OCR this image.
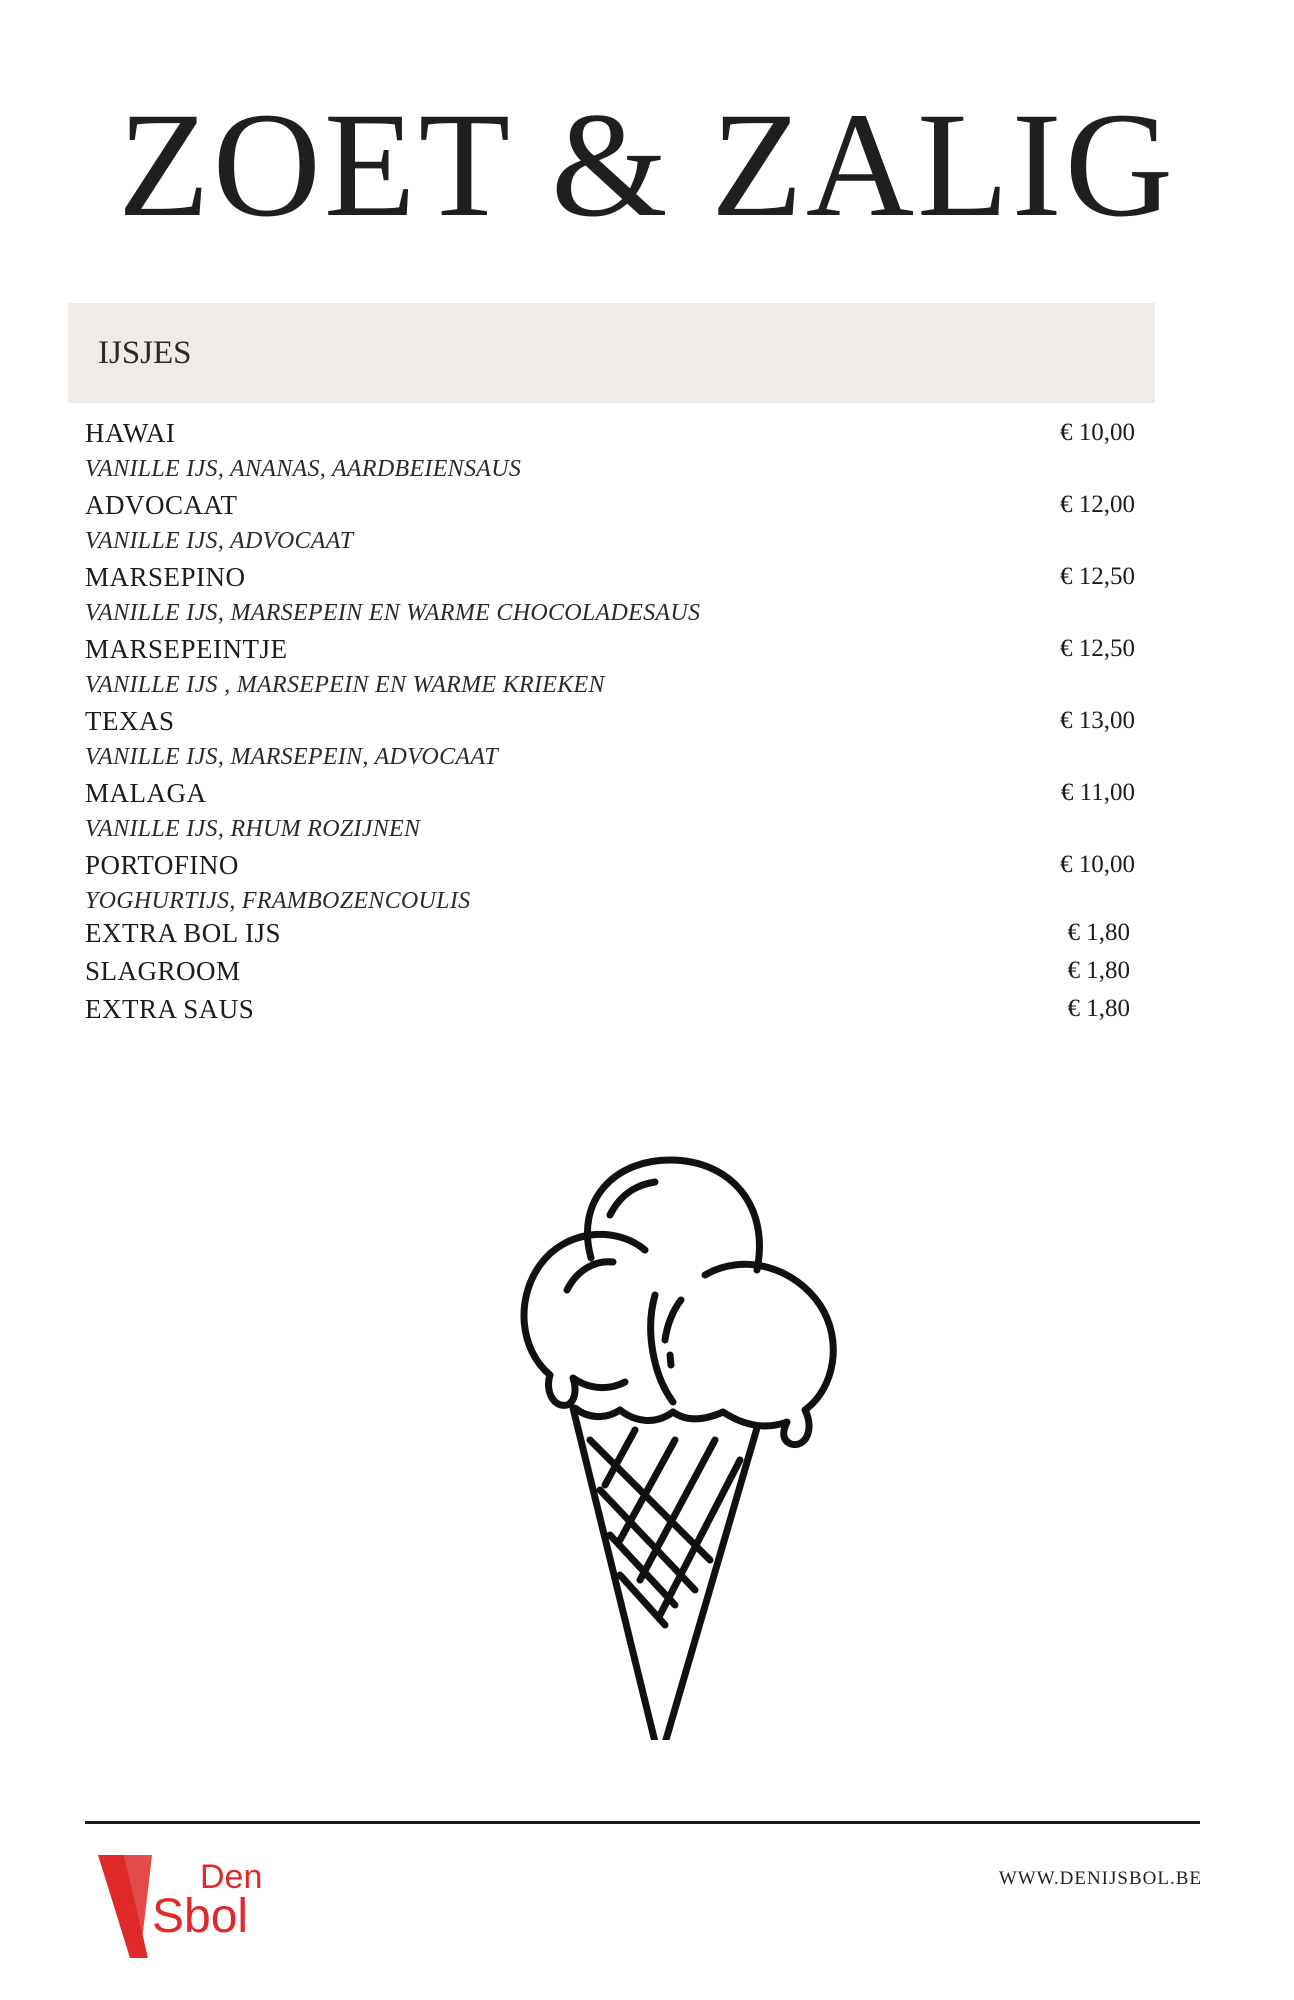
ZOET & ZALIG
IJSJES
HAWAI	€ 10,00
VANILLE IJS, ANANAS, AARDBEIENSAUS
ADVOCAAT	€ 12,00
VANILLE IJS, ADVOCAAT
MARSEPINO	€ 12,50
VANILLE IJS, MARSEPEIN EN WARME CHOCOLADESAUS
MARSEPEINTJE	€ 12,50
VANILLE IJS , MARSEPEIN EN WARME KRIEKEN
TEXAS	€ 13,00
VANILLE IJS, MARSEPEIN, ADVOCAAT
MALAGA	€ 11,00
VANILLE IJS, RHUM ROZIJNEN
PORTOFINO	€ 10,00
YOGHURTIJS, FRAMBOZENCOULIS
EXTRA BOL IJS	€ 1,80
SLAGROOM	€ 1,80
EXTRA SAUS	€ 1,80
Den
Sbol
WWW.DENIJSBOL.BE
